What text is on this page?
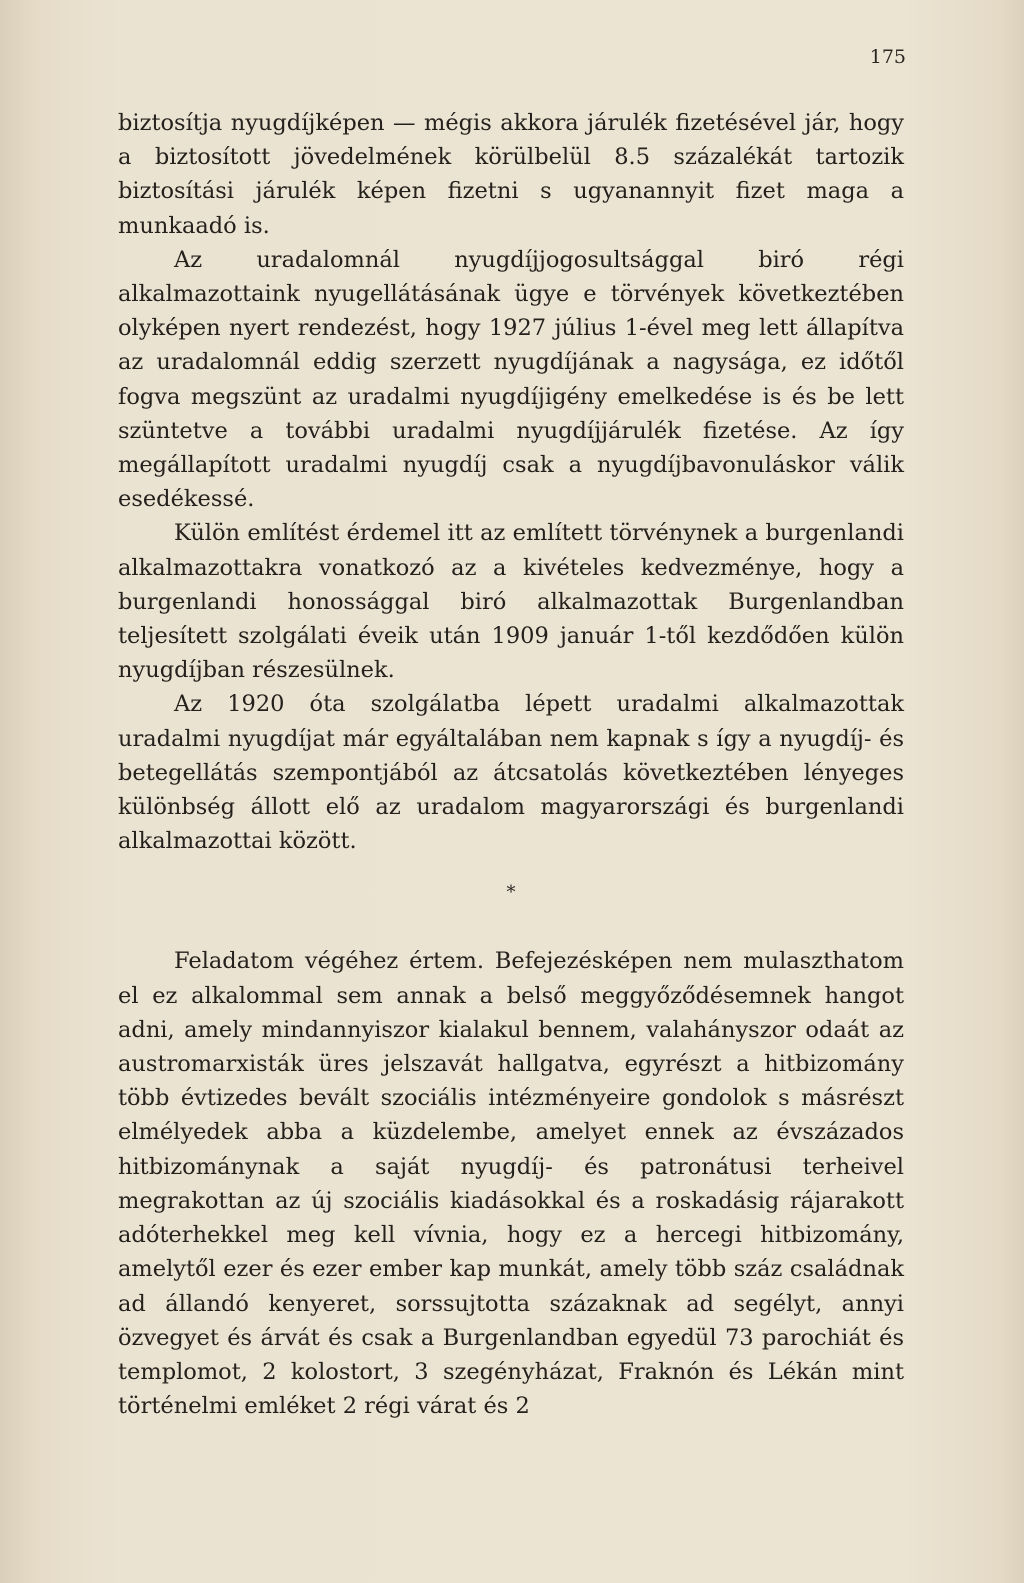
175

biztosítja nyugdíjképen — mégis akkora járulék fizetésével jár, hogy a biztosított jövedelmének körülbelül 8.5 százalékát tartozik biztosítási járulék képen fizetni s ugyanannyit fizet maga a munkaadó is.

Az uradalomnál nyugdíjjogosultsággal biró régi alkalmazottaink nyugellátásának ügye e törvények következtében olyképen nyert rendezést, hogy 1927 július 1-ével meg lett állapítva az uradalomnál eddig szerzett nyugdíjának a nagysága, ez időtől fogva megszünt az uradalmi nyugdíjigény emelkedése is és be lett szüntetve a további uradalmi nyugdíjjárulék fizetése. Az így megállapított uradalmi nyugdíj csak a nyugdíjbavonuláskor válik esedékessé.

Külön említést érdemel itt az említett törvénynek a burgenlandi alkalmazottakra vonatkozó az a kivételes kedvezménye, hogy a burgenlandi honossággal biró alkalmazottak Burgenlandban teljesített szolgálati éveik után 1909 január 1-től kezdődően külön nyugdíjban részesülnek.

Az 1920 óta szolgálatba lépett uradalmi alkalmazottak uradalmi nyugdíjat már egyáltalában nem kapnak s így a nyugdíj- és betegellátás szempontjából az átcsatolás következtében lényeges különbség állott elő az uradalom magyarországi és burgenlandi alkalmazottai között.

*

Feladatom végéhez értem. Befejezésképen nem mulaszthatom el ez alkalommal sem annak a belső meggyőződésemnek hangot adni, amely mindannyiszor kialakul bennem, valahányszor odaát az austromarxisták üres jelszavát hallgatva, egyrészt a hitbizomány több évtizedes bevált szociális intézményeire gondolok s másrészt elmélyedek abba a küzdelembe, amelyet ennek az évszázados hitbizománynak a saját nyugdíj- és patronátusi terheivel megrakottan az új szociális kiadásokkal és a roskadásig rájarakott adóterhekkel meg kell vívnia, hogy ez a hercegi hitbizomány, amelytől ezer és ezer ember kap munkát, amely több száz családnak ad állandó kenyeret, sorssujtotta százaknak ad segélyt, annyi özvegyet és árvát és csak a Burgenlandban egyedül 73 parochiát és templomot, 2 kolostort, 3 szegényházat, Fraknón és Lékán mint történelmi emléket 2 régi várat és 2
